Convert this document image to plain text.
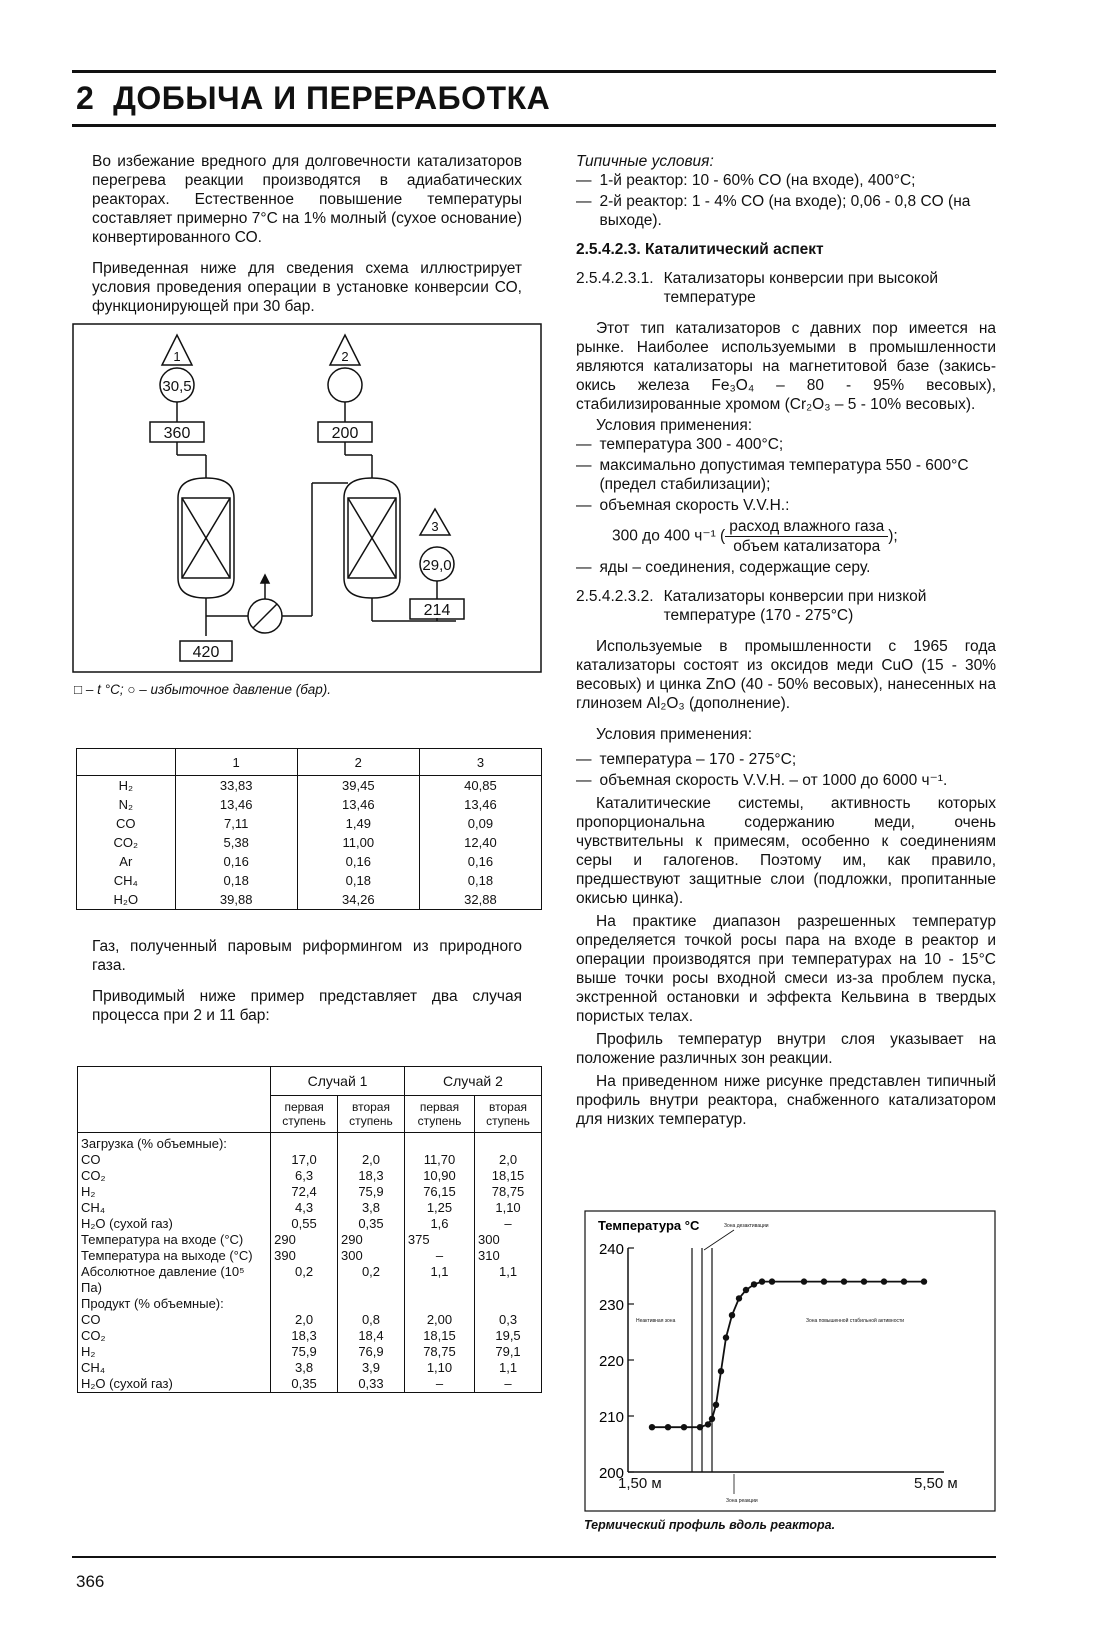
2 ДОБЫЧА И ПЕРЕРАБОТКА

Во избежание вредного для долговечности катализаторов перегрева реакции производятся в адиабатических реакторах. Естественное повышение температуры составляет примерно 7°С на 1% молный (сухое основание) конвертированного СО.

Приведенная ниже для сведения схема иллюстрирует условия проведения операции в установке конверсии СО, функционирующей при 30 бар.

1	2
3
30,5
29,0
360	200
214
420
□ – t °C; ○ – избыточное давление (бар).
	1	2	3
H₂	33,83	39,45	40,85
N₂	13,46	13,46	13,46
CO	7,11	1,49	0,09
CO₂	5,38	11,00	12,40
Ar	0,16	0,16	0,16
CH₄	0,18	0,18	0,18
H₂O	39,88	34,26	32,88

Газ, полученный паровым риформингом из природного газа.

Приводимый ниже пример представляет два случая процесса при 2 и 11 бар:

	Случай 1		Случай 2	
	первая ступень	вторая ступень	первая ступень	вторая ступень
Загрузка (% объемные):				
CO	17,0	2,0	11,70	2,0
CO₂	6,3	18,3	10,90	18,15
H₂	72,4	75,9	76,15	78,75
CH₄	4,3	3,8	1,25	1,10
H₂O (сухой газ)	0,55	0,35	1,6	–
Температура на входе (°C)	290	290	375	300
Температура на выходе (°C)	390	300	–	310
Абсолютное давление (10⁵ Па)	0,2	0,2	1,1	1,1
Продукт (% объемные):				
CO	2,0	0,8	2,00	0,3
CO₂	18,3	18,4	18,15	19,5
H₂	75,9	76,9	78,75	79,1
CH₄	3,8	3,9	1,10	1,1
H₂O (сухой газ)	0,35	0,33	–	–
Типичные условия:
— 1-й реактор: 10 - 60% CO (на входе), 400°C;
— 2-й реактор: 1 - 4% CO (на входе); 0,06 - 0,8 CO (на выходе).
2.5.4.2.3. Каталитический аспект
2.5.4.2.3.1. Катализаторы конверсии при высокой температуре

Этот тип катализаторов с давних пор имеется на рынке. Наиболее используемыми в промышленности являются катализаторы на магнетитовой базе (закись-окись железа Fe₃O₄ – 80 - 95% весовых), стабилизированные хромом (Cr₂O₃ – 5 - 10% весовых).

Условия применения:
— температура 300 - 400°C;
— максимально допустимая температура 550 - 600°C (предел стабилизации);
— объемная скорость V.V.H.:
300 до 400 ч⁻¹ ( $\frac{\text{расход влажного газа}}{\text{объем катализатора}}$ );
— яды – соединения, содержащие серу.
2.5.4.2.3.2. Катализаторы конверсии при низкой температуре (170 - 275°C)

Используемые в промышленности с 1965 года катализаторы состоят из оксидов меди CuO (15 - 30% весовых) и цинка ZnO (40 - 50% весовых), нанесенных на глинозем Al₂O₃ (дополнение).

Условия применения:
— температура – 170 - 275°C;
— объемная скорость V.V.H. – от 1000 до 6000 ч⁻¹.

Каталитические системы, активность которых пропорциональна содержанию меди, очень чувствительны к примесям, особенно к соединениям серы и галогенов. Поэтому им, как правило, предшествуют защитные слои (подложки, пропитанные окисью цинка).

На практике диапазон разрешенных температур определяется точкой росы пара на входе в реактор и операции производятся при температурах на 10 - 15°C выше точки росы входной смеси из-за проблем пуска, экстренной остановки и эффекта Кельвина в твердых пористых телах.

Профиль температур внутри слоя указывает на положение различных зон реакции.

На приведенном ниже рисунке представлен типичный профиль внутри реактора, снабженного катализатором для низких температур.

Температура °C
240
230
220
210
200
Зона дезактивации
Неактивная зона	Зона повышенной стабильной активности
Зона реакции
1,50 м	5,50 м
Термический профиль вдоль реактора.
366
